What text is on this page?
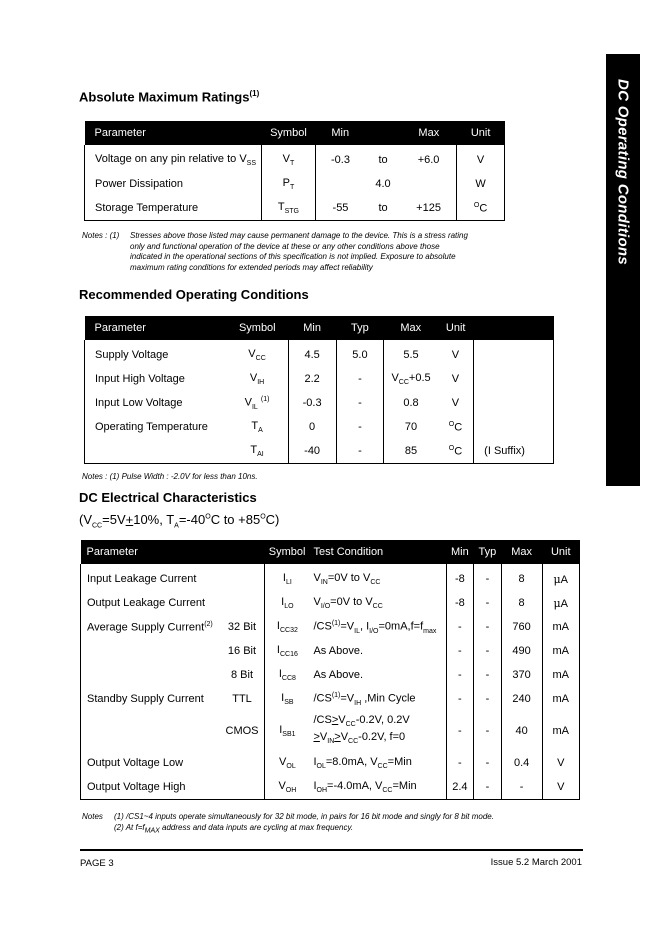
DC Operating Conditions
Absolute Maximum Ratings$^{(1)}$
Parameter	Symbol	Min		Max	Unit
Voltage on any pin relative to $V_{SS}$	$V_T$	-0.3	to	+6.0	V
Power Dissipation	$P_T$		4.0		W
Storage Temperature	$T_{STG}$	-55	to	+125	$^O$C
Notes : (1) Stresses above those listed may cause permanent damage to the device. This is a stress rating
only and functional operation of the device at these or any other conditions above those
indicated in the operational sections of this specification is not implied. Exposure to absolute
maximum rating conditions for extended periods may affect reliability
Recommended Operating Conditions
Parameter	Symbol	Min	Typ	Max	Unit	
Supply Voltage	$V_{CC}$	4.5	5.0	5.5	V	
Input High Voltage	$V_{IH}$	2.2	-	$V_{CC}+0.5$	V	
Input Low Voltage	$V_{IL}$ $^{(1)}$	-0.3	-	0.8	V	
Operating Temperature	$T_A$	0	-	70	$^O$C	
	$T_{AI}$	-40	-	85	$^O$C	(I Suffix)
Notes : (1) Pulse Width : -2.0V for less than 10ns.
DC Electrical Characteristics
($V_{CC}=5V+10\%$, $T_A=-40^OC$ to $+85^OC$)
Parameter		Symbol	Test Condition	Min	Typ	Max	Unit
Input Leakage Current		$I_{LI}$	$V_{IN}=0V$ to $V_{CC}$	-8	-	8	μA
Output Leakage Current		$I_{LO}$	$V_{I/O}=0V$ to $V_{CC}$	-8	-	8	μA
Average Supply Current$^{(2)}$	32 Bit	$I_{CC32}$	$/CS^{(1)}=V_{IL}$, $I_{I/O}=0mA,f=f_{max}$	-	-	760	mA
	16 Bit	$I_{CC16}$	As Above.	-	-	490	mA
	8 Bit	$I_{CC8}$	As Above.	-	-	370	mA
Standby Supply Current	TTL	$I_{SB}$	$/CS^{(1)}=V_{IH}$ ,Min Cycle	-	-	240	mA
	CMOS	$I_{SB1}$	$/CS>V_{CC}-0.2V$, 0.2V
$>V_{IN}>V_{CC}-0.2V$, f=0	-	-	40	mA
Output Voltage Low		$V_{OL}$	$I_{OL}=8.0mA$, $V_{CC}=Min$	-	-	0.4	V
Output Voltage High		$V_{OH}$	$I_{OH}=-4.0mA$, $V_{CC}=Min$	2.4	-	-	V
Notes (1) /CS1~4 inputs operate simultaneously for 32 bit mode, in pairs for 16 bit mode and singly for 8 bit mode.
(2) At $f=f_{MAX}$ address and data inputs are cycling at max frequency.
PAGE 3	Issue 5.2 March 2001
